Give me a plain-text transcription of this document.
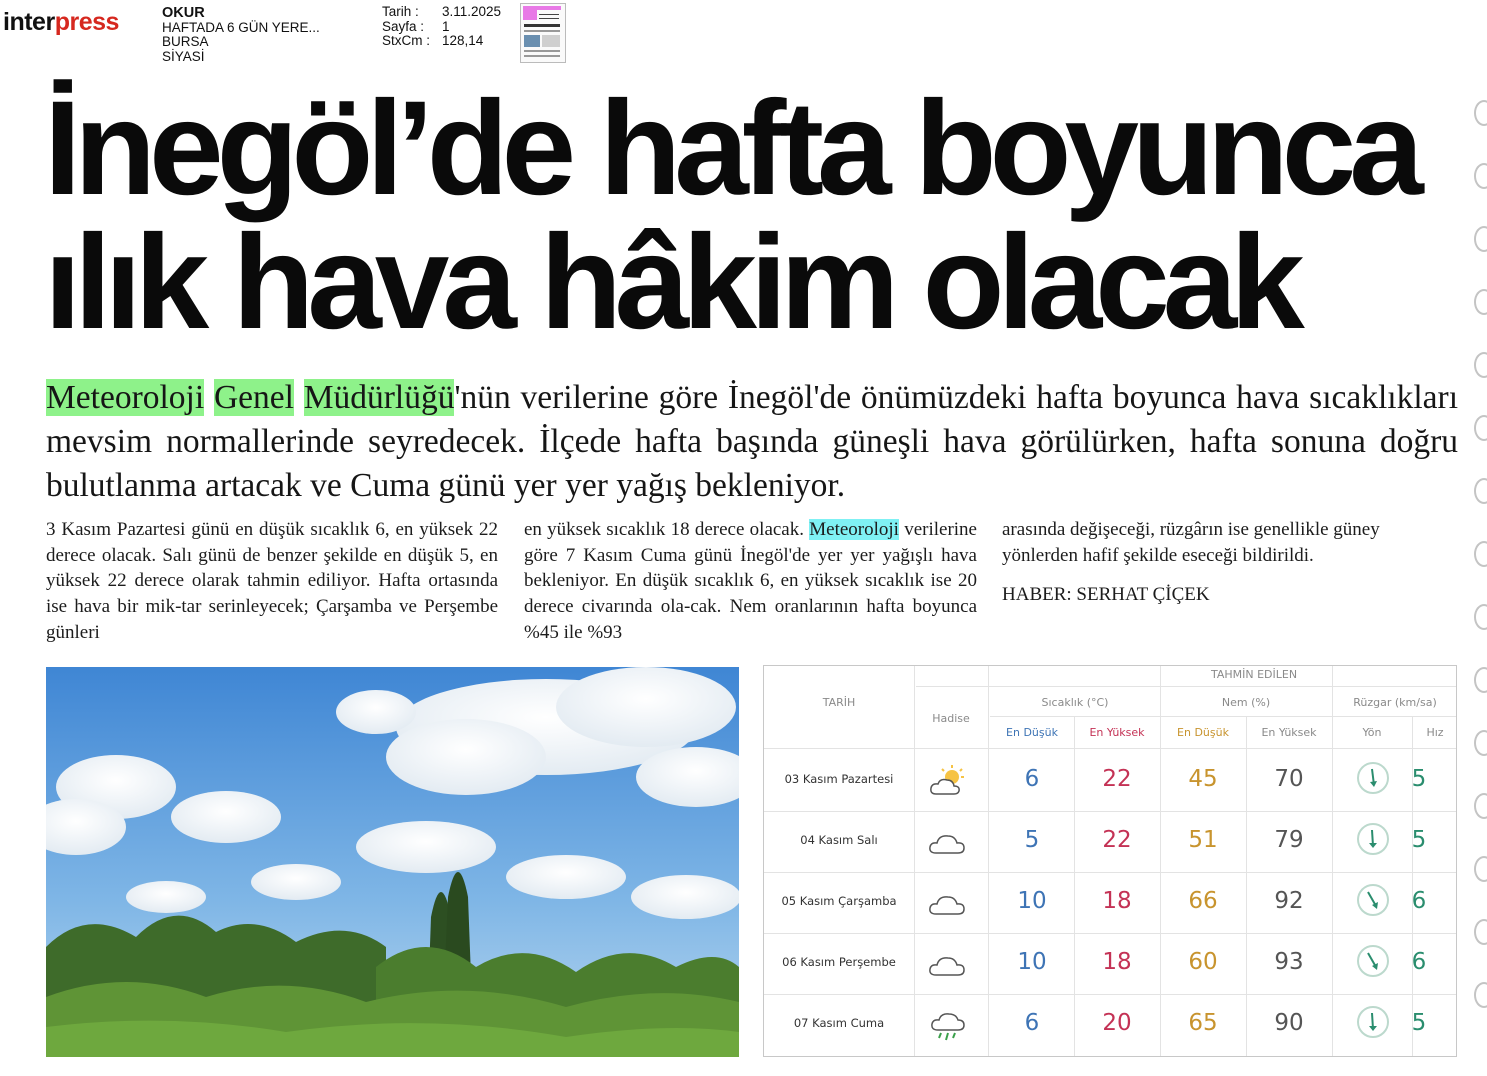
interpress	OKUR
HAFTADA 6 GÜN YERE...
BURSA
SİYASİ
Tarih :	3.11.2025
Sayfa :	1
StxCm : 128,14
İnegöl’de hafta boyunca
ılık hava hâkim olacak

Meteoroloji Genel Müdürlüğü'nün verilerine göre İnegöl'de önümüzdeki hafta boyunca hava sıcaklıkları mevsim normallerinde seyredecek. İlçede hafta başında güneşli hava görülürken, hafta sonuna doğru bulutlanma artacak ve Cuma günü yer yer yağış bekleniyor.

3 Kasım Pazartesi günü en düşük sıcaklık 6, en yüksek 22 derece olacak. Salı günü de benzer şekilde en düşük 5, en yüksek 22 derece olarak tahmin ediliyor. Hafta ortasında ise hava bir mik-tar serinleyecek; Çarşamba ve Perşembe günleri

en yüksek sıcaklık 18 derece olacak. Meteoroloji verilerine göre 7 Kasım Cuma günü İnegöl'de yer yer yağışlı hava bekleniyor. En düşük sıcaklık 6, en yüksek sıcaklık ise 20 derece civarında ola-cak. Nem oranlarının hafta boyunca %45 ile %93

arasında değişeceği, rüzgârın ise genellikle güney yönlerden hafif şekilde eseceği bildirildi.
HABER: SERHAT ÇİÇEK

TAHMİN EDİLEN
TARİH
Hadise
Sıcaklık (°C)	Nem (%)	Rüzgar (km/sa)
En Düşük	En Yüksek	En Düşük	En Yüksek	Yön	Hız
03 Kasım Pazartesi	6	22	45	70	5
04 Kasım Salı	5	22	51	79	5
05 Kasım Çarşamba	10	18	66	92	6
06 Kasım Perşembe	10	18	60	93	6
07 Kasım Cuma	6	20	65	90	5
